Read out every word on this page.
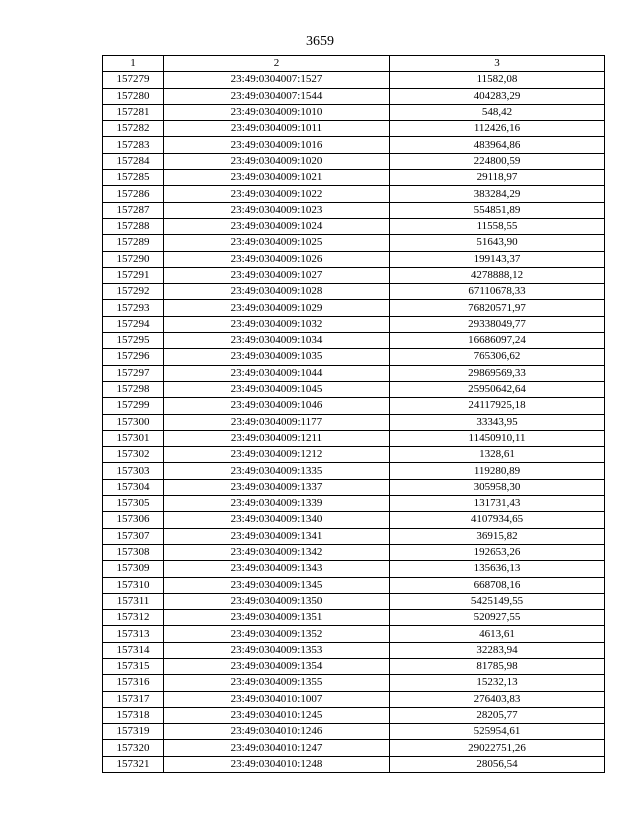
3659
1	2	3
157279	23:49:0304007:1527	11582,08
157280	23:49:0304007:1544	404283,29
157281	23:49:0304009:1010	548,42
157282	23:49:0304009:1011	112426,16
157283	23:49:0304009:1016	483964,86
157284	23:49:0304009:1020	224800,59
157285	23:49:0304009:1021	29118,97
157286	23:49:0304009:1022	383284,29
157287	23:49:0304009:1023	554851,89
157288	23:49:0304009:1024	11558,55
157289	23:49:0304009:1025	51643,90
157290	23:49:0304009:1026	199143,37
157291	23:49:0304009:1027	4278888,12
157292	23:49:0304009:1028	67110678,33
157293	23:49:0304009:1029	76820571,97
157294	23:49:0304009:1032	29338049,77
157295	23:49:0304009:1034	16686097,24
157296	23:49:0304009:1035	765306,62
157297	23:49:0304009:1044	29869569,33
157298	23:49:0304009:1045	25950642,64
157299	23:49:0304009:1046	24117925,18
157300	23:49:0304009:1177	33343,95
157301	23:49:0304009:1211	11450910,11
157302	23:49:0304009:1212	1328,61
157303	23:49:0304009:1335	119280,89
157304	23:49:0304009:1337	305958,30
157305	23:49:0304009:1339	131731,43
157306	23:49:0304009:1340	4107934,65
157307	23:49:0304009:1341	36915,82
157308	23:49:0304009:1342	192653,26
157309	23:49:0304009:1343	135636,13
157310	23:49:0304009:1345	668708,16
157311	23:49:0304009:1350	5425149,55
157312	23:49:0304009:1351	520927,55
157313	23:49:0304009:1352	4613,61
157314	23:49:0304009:1353	32283,94
157315	23:49:0304009:1354	81785,98
157316	23:49:0304009:1355	15232,13
157317	23:49:0304010:1007	276403,83
157318	23:49:0304010:1245	28205,77
157319	23:49:0304010:1246	525954,61
157320	23:49:0304010:1247	29022751,26
157321	23:49:0304010:1248	28056,54
